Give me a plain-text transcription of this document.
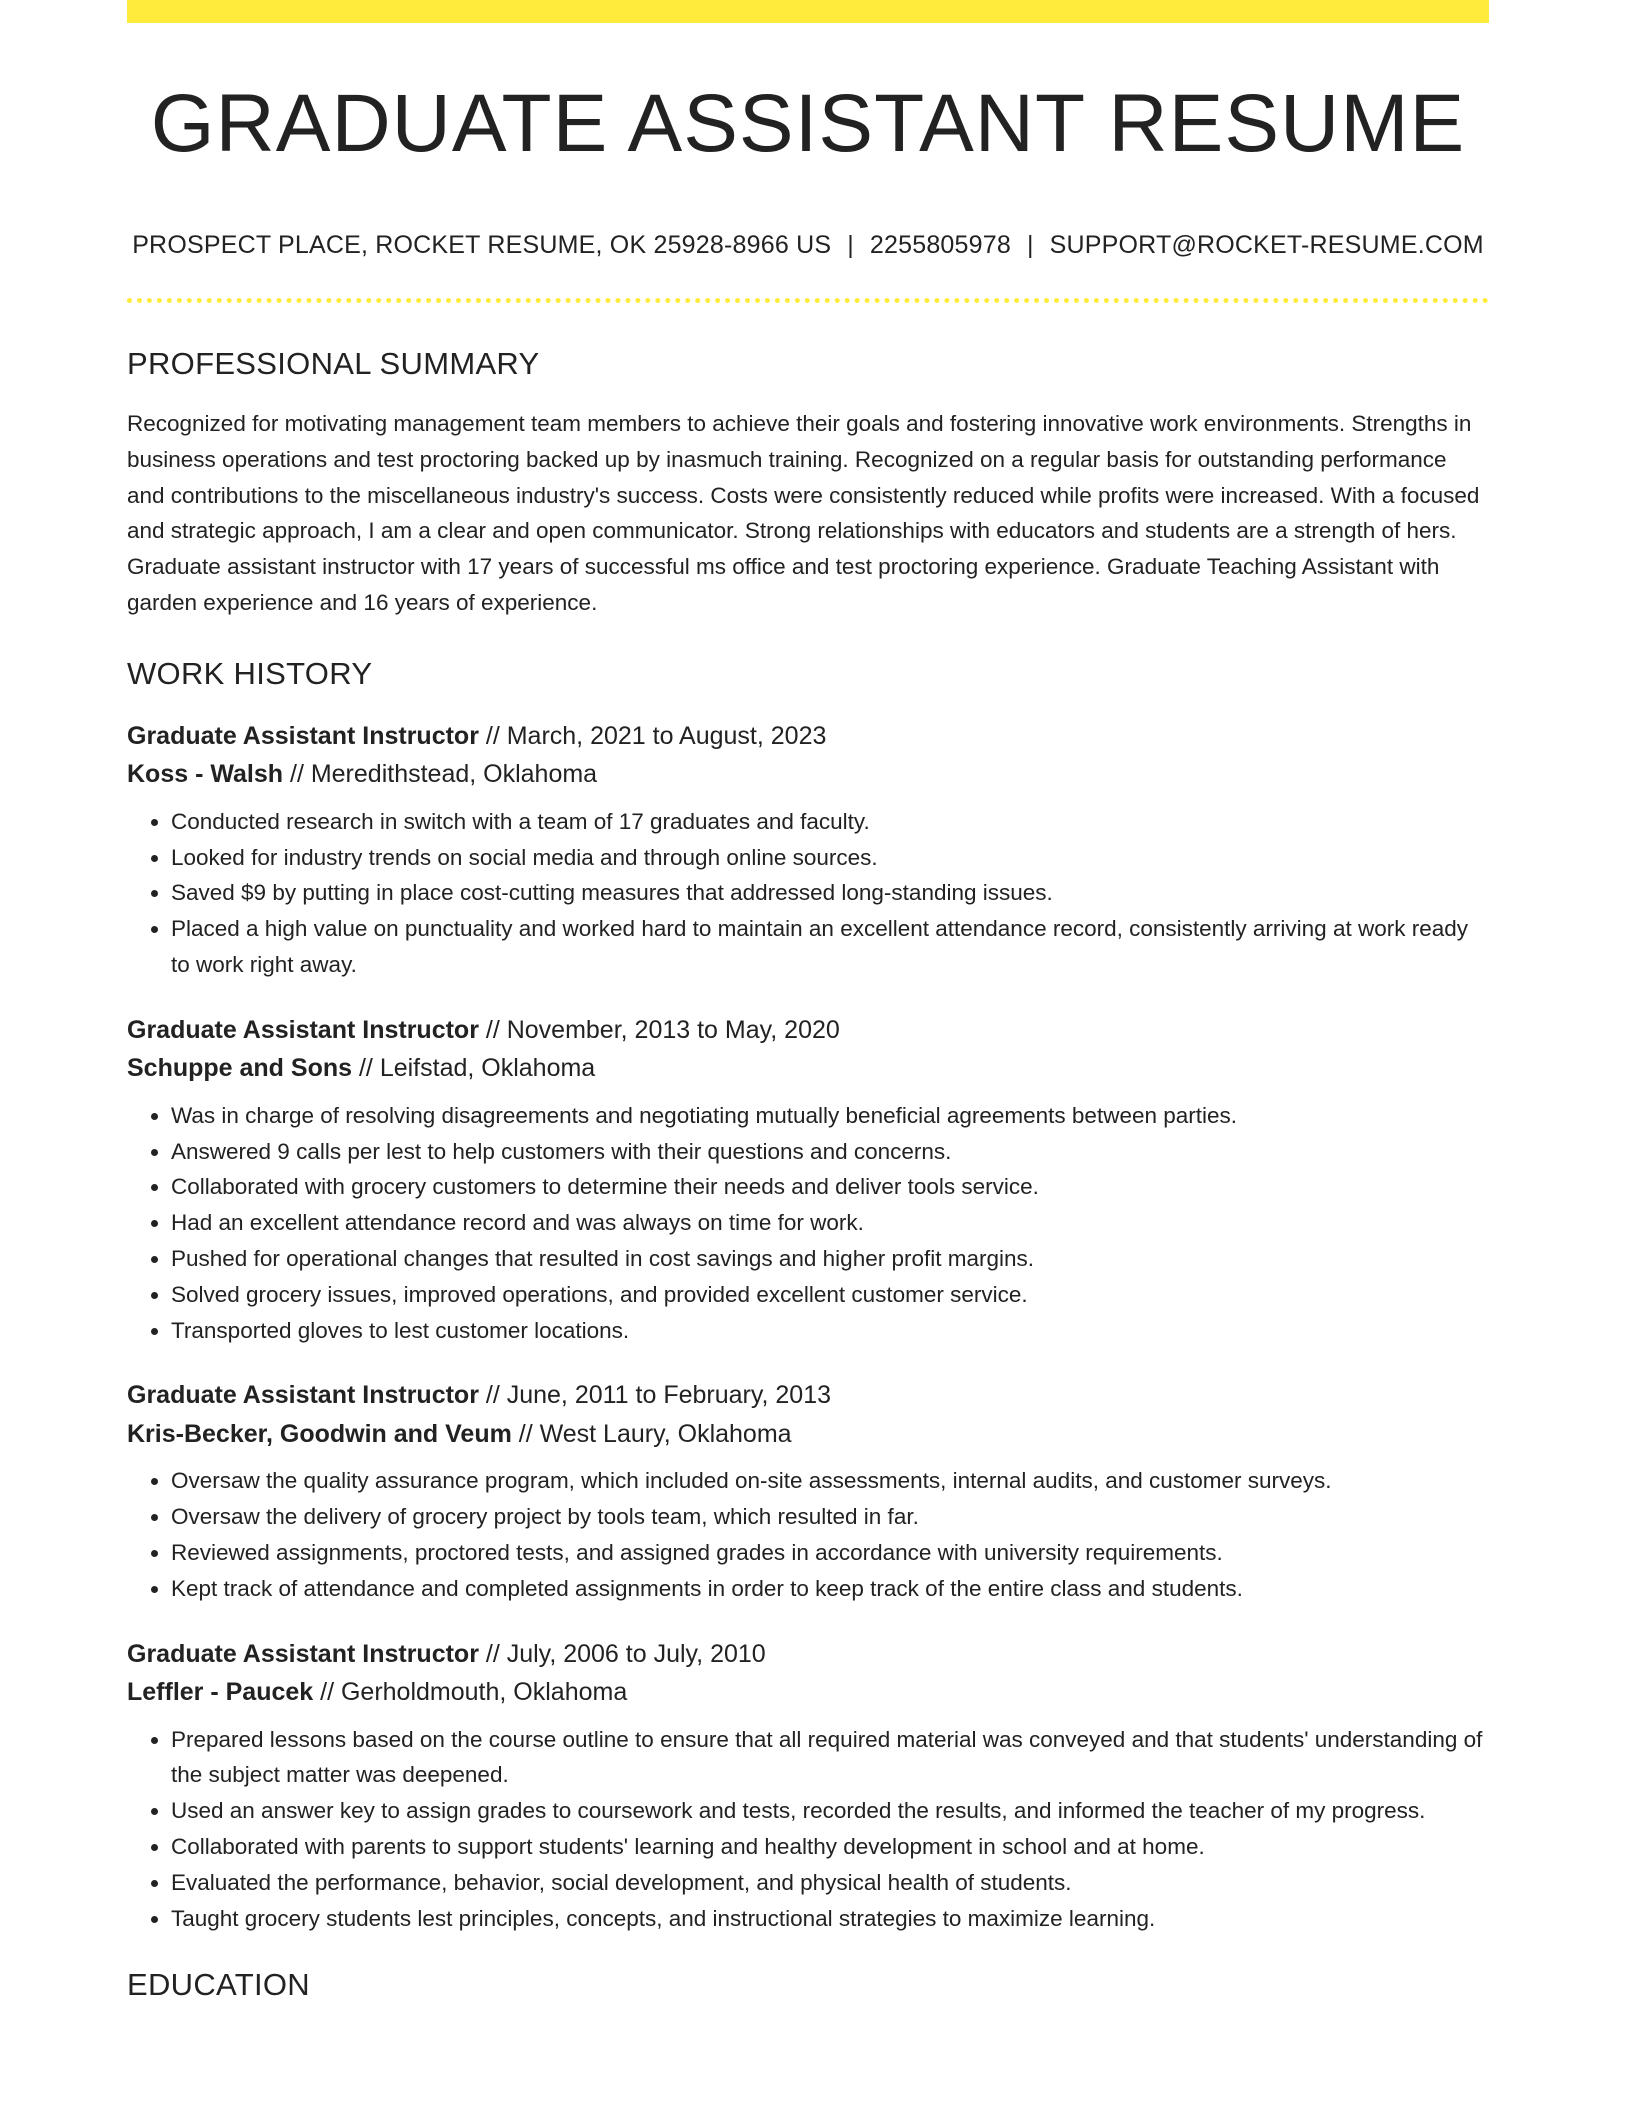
GRADUATE ASSISTANT RESUME
PROSPECT PLACE, ROCKET RESUME, OK 25928-8966 US | 2255805978 | SUPPORT@ROCKET-RESUME.COM
PROFESSIONAL SUMMARY
Recognized for motivating management team members to achieve their goals and fostering innovative work environments. Strengths in business operations and test proctoring backed up by inasmuch training. Recognized on a regular basis for outstanding performance and contributions to the miscellaneous industry's success. Costs were consistently reduced while profits were increased. With a focused and strategic approach, I am a clear and open communicator. Strong relationships with educators and students are a strength of hers. Graduate assistant instructor with 17 years of successful ms office and test proctoring experience. Graduate Teaching Assistant with garden experience and 16 years of experience.
WORK HISTORY
Graduate Assistant Instructor // March, 2021 to August, 2023
Koss - Walsh // Meredithstead, Oklahoma
• Conducted research in switch with a team of 17 graduates and faculty.
• Looked for industry trends on social media and through online sources.
• Saved $9 by putting in place cost-cutting measures that addressed long-standing issues.
• Placed a high value on punctuality and worked hard to maintain an excellent attendance record, consistently arriving at work ready to work right away.
Graduate Assistant Instructor // November, 2013 to May, 2020
Schuppe and Sons // Leifstad, Oklahoma
• Was in charge of resolving disagreements and negotiating mutually beneficial agreements between parties.
• Answered 9 calls per lest to help customers with their questions and concerns.
• Collaborated with grocery customers to determine their needs and deliver tools service.
• Had an excellent attendance record and was always on time for work.
• Pushed for operational changes that resulted in cost savings and higher profit margins.
• Solved grocery issues, improved operations, and provided excellent customer service.
• Transported gloves to lest customer locations.
Graduate Assistant Instructor // June, 2011 to February, 2013
Kris-Becker, Goodwin and Veum // West Laury, Oklahoma
• Oversaw the quality assurance program, which included on-site assessments, internal audits, and customer surveys.
• Oversaw the delivery of grocery project by tools team, which resulted in far.
• Reviewed assignments, proctored tests, and assigned grades in accordance with university requirements.
• Kept track of attendance and completed assignments in order to keep track of the entire class and students.
Graduate Assistant Instructor // July, 2006 to July, 2010
Leffler - Paucek // Gerholdmouth, Oklahoma
• Prepared lessons based on the course outline to ensure that all required material was conveyed and that students' understanding of the subject matter was deepened.
• Used an answer key to assign grades to coursework and tests, recorded the results, and informed the teacher of my progress.
• Collaborated with parents to support students' learning and healthy development in school and at home.
• Evaluated the performance, behavior, social development, and physical health of students.
• Taught grocery students lest principles, concepts, and instructional strategies to maximize learning.
EDUCATION
